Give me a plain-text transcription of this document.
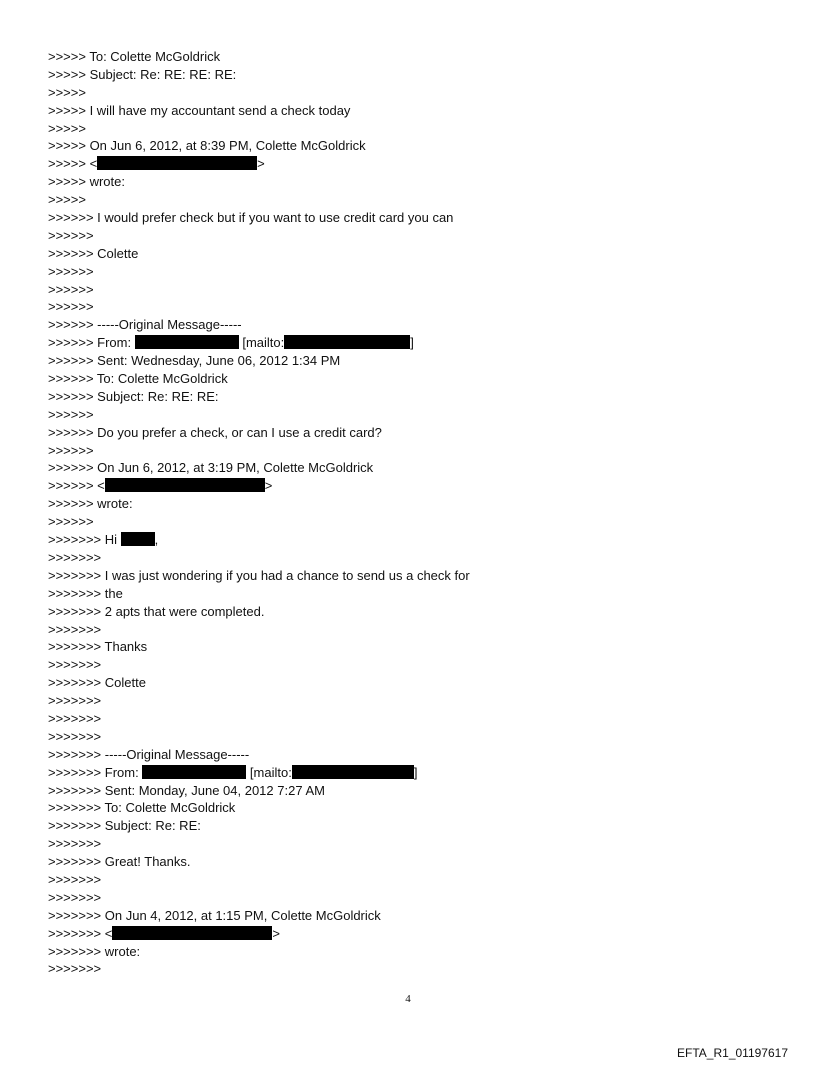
>>>>> To: Colette McGoldrick
>>>>> Subject: Re: RE: RE: RE:
>>>>>
>>>>> I will have my accountant send a check today
>>>>>
>>>>> On Jun 6, 2012, at 8:39 PM, Colette McGoldrick
>>>>> <	>
>>>>> wrote:
>>>>>
>>>>>> I would prefer check but if you want to use credit card you can
>>>>>>
>>>>>> Colette
>>>>>>
>>>>>>
>>>>>>
>>>>>> -----Original Message-----
>>>>>> From:	[mailto:	]
>>>>>> Sent: Wednesday, June 06, 2012 1:34 PM
>>>>>> To: Colette McGoldrick
>>>>>> Subject: Re: RE: RE:
>>>>>>
>>>>>> Do you prefer a check, or can I use a credit card?
>>>>>>
>>>>>> On Jun 6, 2012, at 3:19 PM, Colette McGoldrick
>>>>>> <	>
>>>>>> wrote:
>>>>>>
>>>>>>> Hi	,
>>>>>>>
>>>>>>> I was just wondering if you had a chance to send us a check for
>>>>>>> the
>>>>>>> 2 apts that were completed.
>>>>>>>
>>>>>>> Thanks
>>>>>>>
>>>>>>> Colette
>>>>>>>
>>>>>>>
>>>>>>>
>>>>>>> -----Original Message-----
>>>>>>> From:	[mailto:	]
>>>>>>> Sent: Monday, June 04, 2012 7:27 AM
>>>>>>> To: Colette McGoldrick
>>>>>>> Subject: Re: RE:
>>>>>>>
>>>>>>> Great! Thanks.
>>>>>>>
>>>>>>>
>>>>>>> On Jun 4, 2012, at 1:15 PM, Colette McGoldrick
>>>>>>> <	>
>>>>>>> wrote:
>>>>>>>
4
EFTA_R1_01197617
